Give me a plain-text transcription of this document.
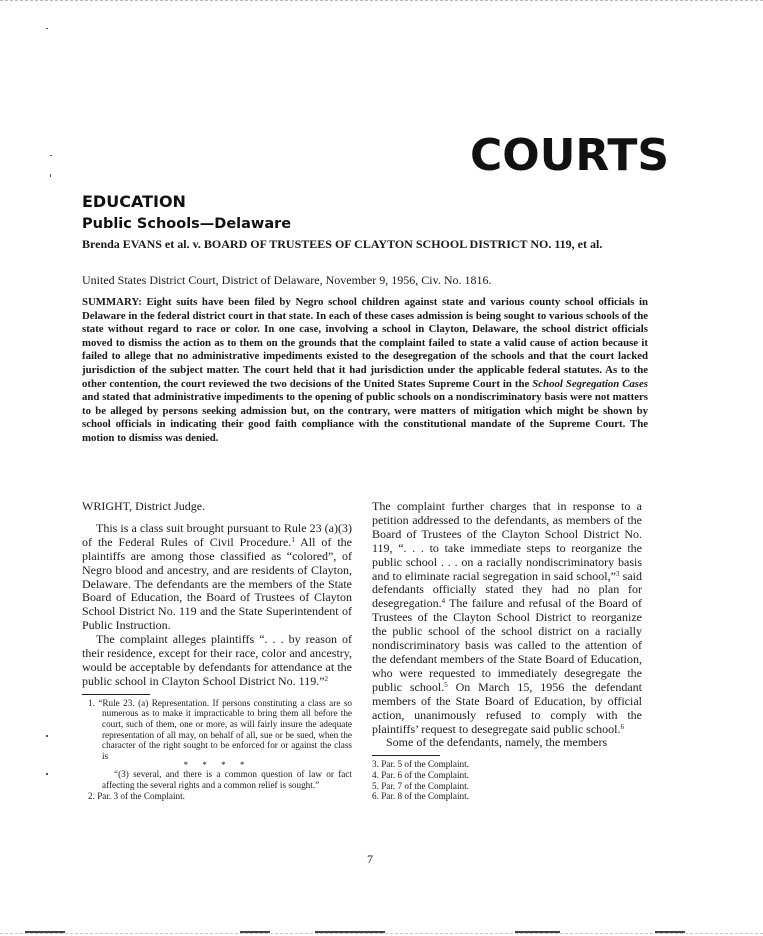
COURTS
EDUCATION
Public Schools—Delaware
Brenda EVANS et al. v. BOARD OF TRUSTEES OF CLAYTON SCHOOL DISTRICT NO. 119, et al.
United States District Court, District of Delaware, November 9, 1956, Civ. No. 1816.
SUMMARY: Eight suits have been filed by Negro school children against state and various county school officials in Delaware in the federal district court in that state. In each of these cases admission is being sought to various schools of the state without regard to race or color. In one case, involving a school in Clayton, Delaware, the school district officials moved to dismiss the action as to them on the grounds that the complaint failed to state a valid cause of action because it failed to allege that no administrative impediments existed to the desegregation of the schools and that the court lacked jurisdiction of the subject matter. The court held that it had jurisdiction under the applicable federal statutes. As to the other contention, the court reviewed the two decisions of the United States Supreme Court in the School Segregation Cases and stated that administrative impediments to the opening of public schools on a nondiscriminatory basis were not matters to be alleged by persons seeking admission but, on the contrary, were matters of mitigation which might be shown by school officials in indicating their good faith compliance with the constitutional mandate of the Supreme Court. The motion to dismiss was denied.

WRIGHT, District Judge.

This is a class suit brought pursuant to Rule 23 (a)(3) of the Federal Rules of Civil Procedure.$^1$ All of the plaintiffs are among those classified as “colored”, of Negro blood and ancestry, and are residents of Clayton, Delaware. The defendants are the members of the State Board of Education, the Board of Trustees of Clayton School District No. 119 and the State Superintendent of Public Instruction.

The complaint alleges plaintiffs “. . . by reason of their residence, except for their race, color and ancestry, would be acceptable by defendants for attendance at the public school in Clayton School District No. 119.”$^2$

1. “Rule 23. (a) Representation. If persons constituting a class are so numerous as to make it impracticable to bring them all before the court, such of them, one or more, as will fairly insure the adequate representation of all may, on behalf of all, sue or be sued, when the character of the right sought to be enforced for or against the class is

* * * *

“(3) several, and there is a common question of law or fact affecting the several rights and a common relief is sought.”

2. Par. 3 of the Complaint.

The complaint further charges that in response to a petition addressed to the defendants, as members of the Board of Trustees of the Clayton School District No. 119, “. . . to take immediate steps to reorganize the public school . . . on a racially nondiscriminatory basis and to eliminate racial segregation in said school,”$^3$ said defendants officially stated they had no plan for desegregation.$^4$ The failure and refusal of the Board of Trustees of the Clayton School District to reorganize the public school of the school district on a racially nondiscriminatory basis was called to the attention of the defendant members of the State Board of Education, who were requested to immediately desegregate the public school.$^5$ On March 15, 1956 the defendant members of the State Board of Education, by official action, unanimously refused to comply with the plaintiffs’ request to desegregate said public school.$^6$

Some of the defendants, namely, the members

3. Par. 5 of the Complaint.

4. Par. 6 of the Complaint.

5. Par. 7 of the Complaint.

6. Par. 8 of the Complaint.

7
